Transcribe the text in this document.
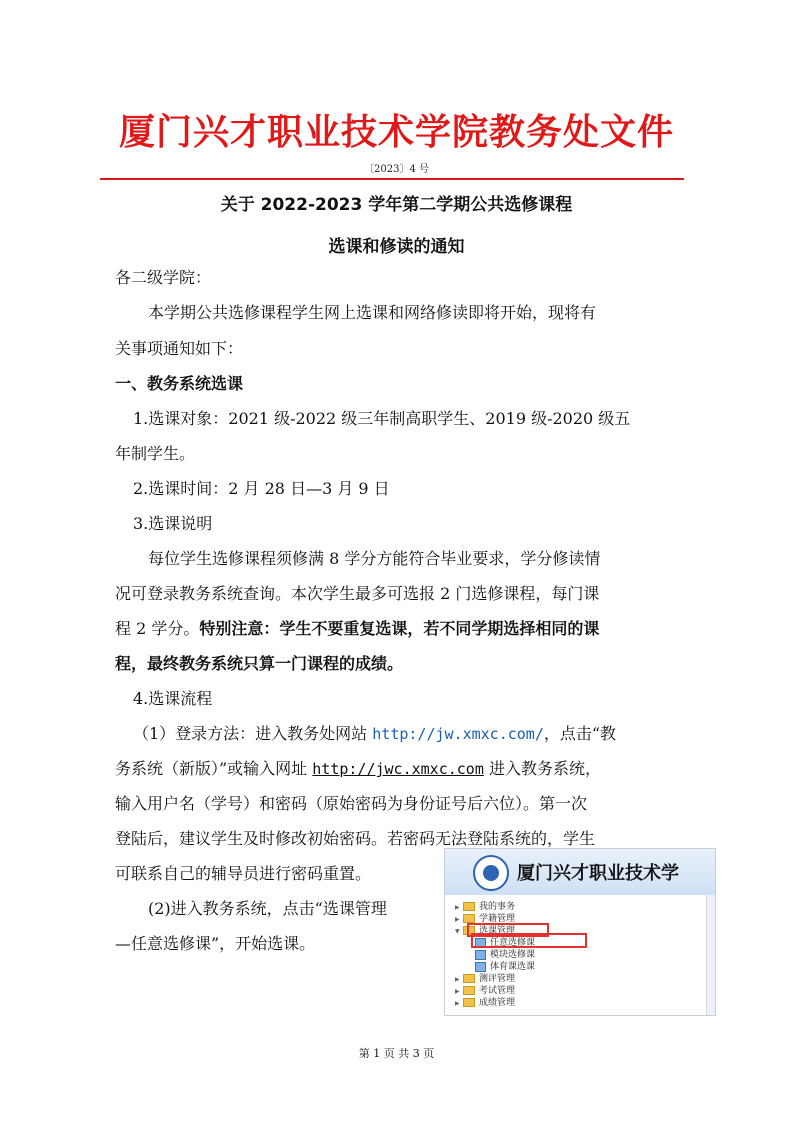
厦门兴才职业技术学院教务处文件
〔2023〕4 号
关于 2022-2023 学年第二学期公共选修课程
选课和修读的通知
各二级学院：
本学期公共选修课程学生网上选课和网络修读即将开始，现将有
关事项通知如下：
一、教务系统选课
1.选课对象：2021 级-2022 级三年制高职学生、2019 级-2020 级五
年制学生。
2.选课时间：2 月 28 日—3 月 9 日
3.选课说明
每位学生选修课程须修满 8 学分方能符合毕业要求，学分修读情
况可登录教务系统查询。本次学生最多可选报 2 门选修课程，每门课
程 2 学分。特别注意：学生不要重复选课，若不同学期选择相同的课
程，最终教务系统只算一门课程的成绩。
4.选课流程
（1）登录方法：进入教务处网站 http://jw.xmxc.com/，点击“教
务系统（新版）”或输入网址 http://jwc.xmxc.com 进入教务系统，
输入用户名（学号）和密码（原始密码为身份证号后六位）。第一次
登陆后，建议学生及时修改初始密码。若密码无法登陆系统的，学生
可联系自己的辅导员进行密码重置。
(2)进入教务系统，点击“选课管理
—任意选修课”，开始选课。
厦门兴才职业技术学
▶ 我的事务
▶ 学籍管理
▼ 选课管理
任意选修课
模块选修课
体育课选课
▶ 测评管理
▶ 考试管理
▶ 成绩管理
第 1 页 共 3 页
